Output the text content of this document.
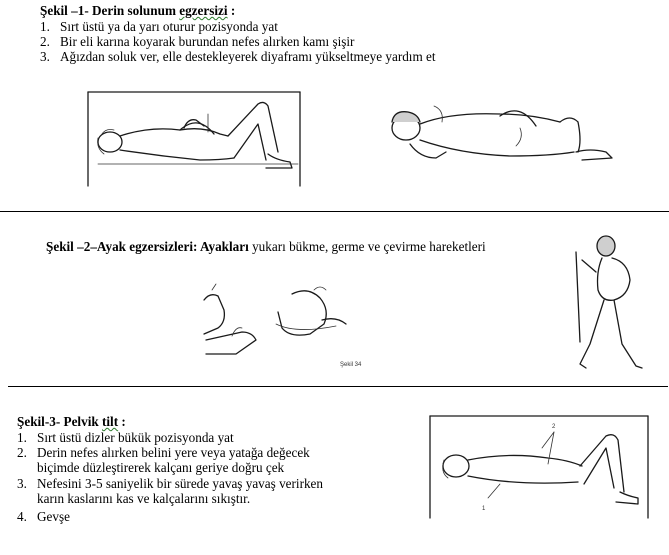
Şekil –1- Derin solunum egzersizi :
1. Sırt üstü ya da yarı oturur pozisyonda yat
2. Bir eli karına koyarak burundan nefes alırken kamı şişir
3. Ağızdan soluk ver, elle destekleyerek diyaframı yükseltmeye yardım et
Şekil –2–Ayak egzersizleri: Ayakları yukarı bükme, germe ve çevirme hareketleri
Şekil 34
Şekil-3- Pelvik tilt :
1. Sırt üstü dizler bükük pozisyonda yat
2. Derin nefes alırken belini yere veya yatağa değecek
biçimde düzleştirerek kalçanı geriye doğru çek
3. Nefesini 3-5 saniyelik bir sürede yavaş yavaş verirken
karın kaslarını kas ve kalçalarını sıkıştır.
4. Gevşe
2
1
